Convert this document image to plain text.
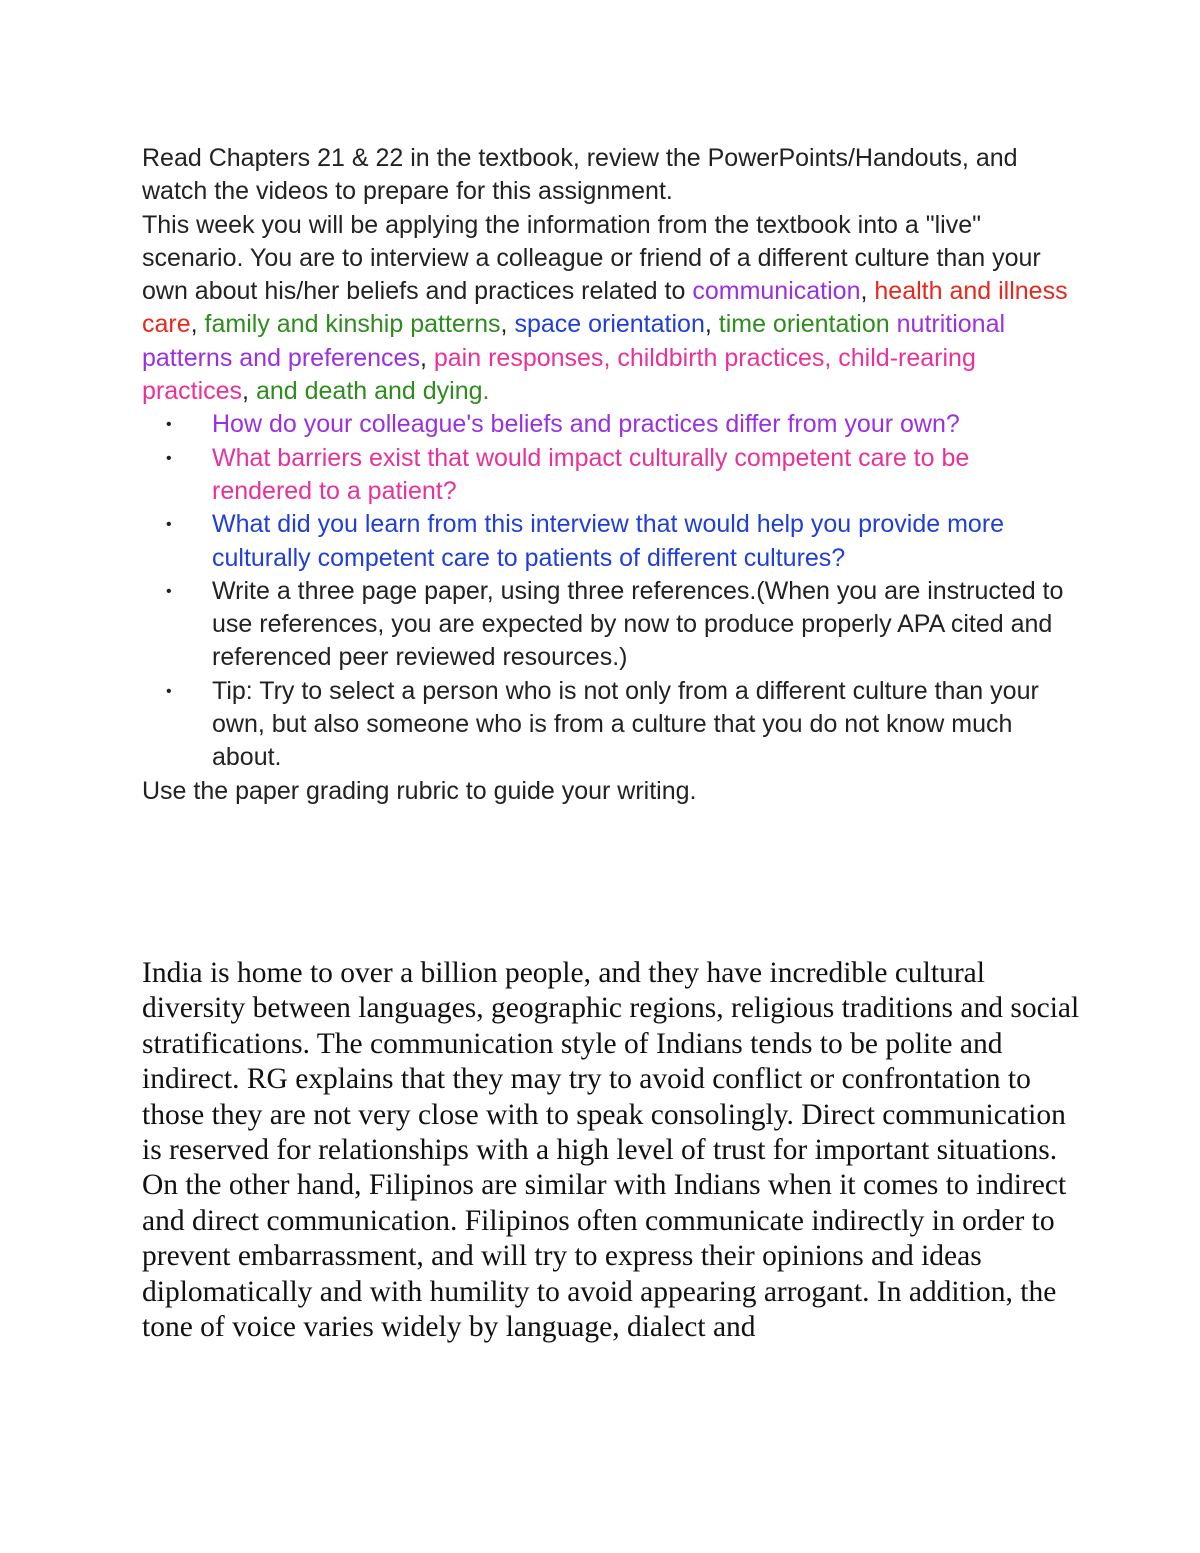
Read Chapters 21 & 22 in the textbook, review the PowerPoints/Handouts, and watch the videos to prepare for this assignment.

This week you will be applying the information from the textbook into a "live" scenario. You are to interview a colleague or friend of a different culture than your own about his/her beliefs and practices related to communication, health and illness care, family and kinship patterns, space orientation, time orientation nutritional patterns and preferences, pain responses, childbirth practices, child-rearing practices, and death and dying.

• How do your colleague's beliefs and practices differ from your own?
• What barriers exist that would impact culturally competent care to be rendered to a patient?
• What did you learn from this interview that would help you provide more culturally competent care to patients of different cultures?
• Write a three page paper, using three references.(When you are instructed to use references, you are expected by now to produce properly APA cited and referenced peer reviewed resources.)
• Tip: Try to select a person who is not only from a different culture than your own, but also someone who is from a culture that you do not know much about.

Use the paper grading rubric to guide your writing.

India is home to over a billion people, and they have incredible cultural diversity between languages, geographic regions, religious traditions and social stratifications. The communication style of Indians tends to be polite and indirect. RG explains that they may try to avoid conflict or confrontation to those they are not very close with to speak consolingly. Direct communication is reserved for relationships with a high level of trust for important situations. On the other hand, Filipinos are similar with Indians when it comes to indirect and direct communication. Filipinos often communicate indirectly in order to prevent embarrassment, and will try to express their opinions and ideas diplomatically and with humility to avoid appearing arrogant. In addition, the tone of voice varies widely by language, dialect and
